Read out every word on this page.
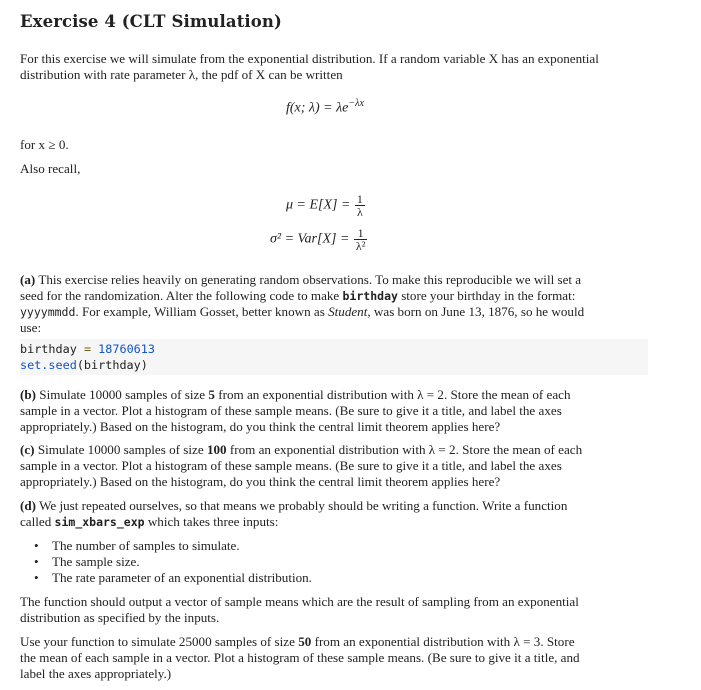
Exercise 4 (CLT Simulation)

For this exercise we will simulate from the exponential distribution. If a random variable X has an exponential
distribution with rate parameter λ, the pdf of X can be written

f(x; $\lambda) = \lambda e^{-\lambda x}$

for x ≥ 0.

Also recall,

$\mu = E[X] = \frac{1}{\lambda}$
$\sigma^2 = Var[X] = \frac{1}{\text{λ²}}$

(a) This exercise relies heavily on generating random observations. To make this reproducible we will set a
seed for the randomization. Alter the following code to make birthday store your birthday in the format:
yyyymmdd. For example, William Gosset, better known as Student, was born on June 13, 1876, so he would
use:

birthday = 18760613
set.seed(birthday)

(b) Simulate 10000 samples of size 5 from an exponential distribution with λ = 2. Store the mean of each
sample in a vector. Plot a histogram of these sample means. (Be sure to give it a title, and label the axes
appropriately.) Based on the histogram, do you think the central limit theorem applies here?

(c) Simulate 10000 samples of size 100 from an exponential distribution with λ = 2. Store the mean of each
sample in a vector. Plot a histogram of these sample means. (Be sure to give it a title, and label the axes
appropriately.) Based on the histogram, do you think the central limit theorem applies here?

(d) We just repeated ourselves, so that means we probably should be writing a function. Write a function
called sim_xbars_exp which takes three inputs:

• The number of samples to simulate.
• The sample size.
• The rate parameter of an exponential distribution.

The function should output a vector of sample means which are the result of sampling from an exponential
distribution as specified by the inputs.

Use your function to simulate 25000 samples of size 50 from an exponential distribution with λ = 3. Store
the mean of each sample in a vector. Plot a histogram of these sample means. (Be sure to give it a title, and
label the axes appropriately.)
